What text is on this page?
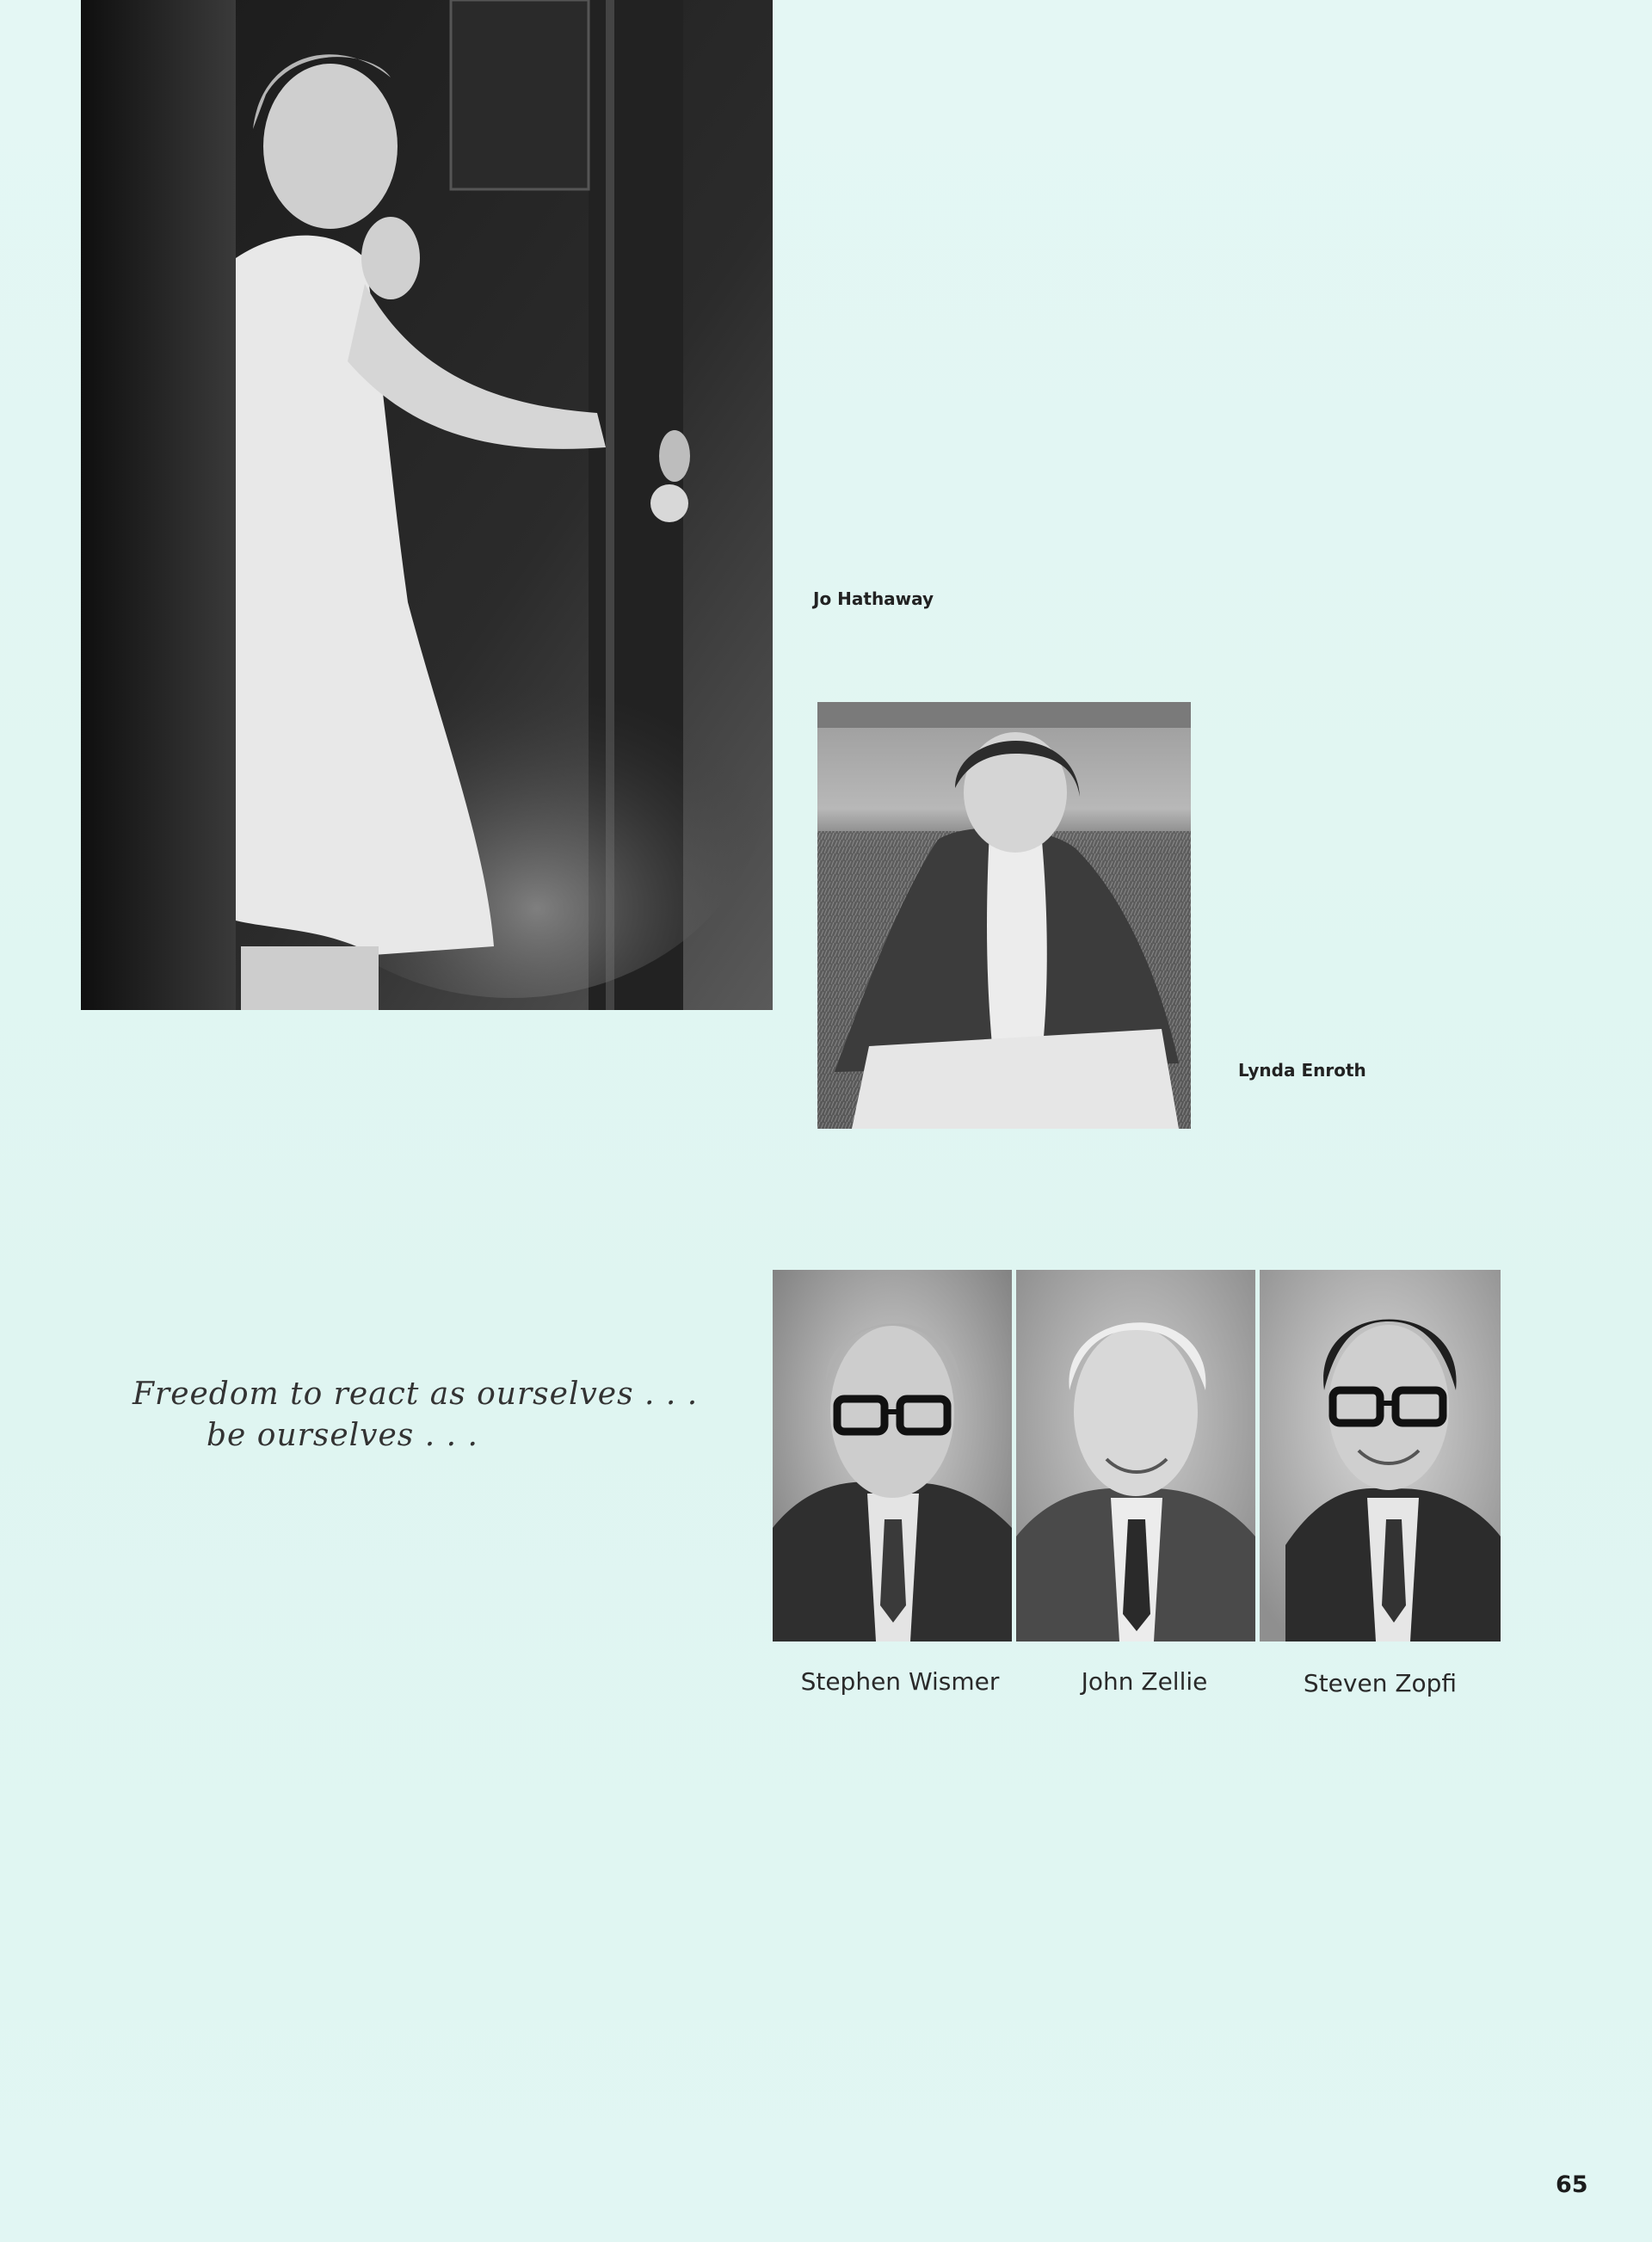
Jo Hathaway
Lynda Enroth
Freedom to react as ourselves . . .
be ourselves . . .
Stephen Wismer	John Zellie	Steven Zopfi
65
